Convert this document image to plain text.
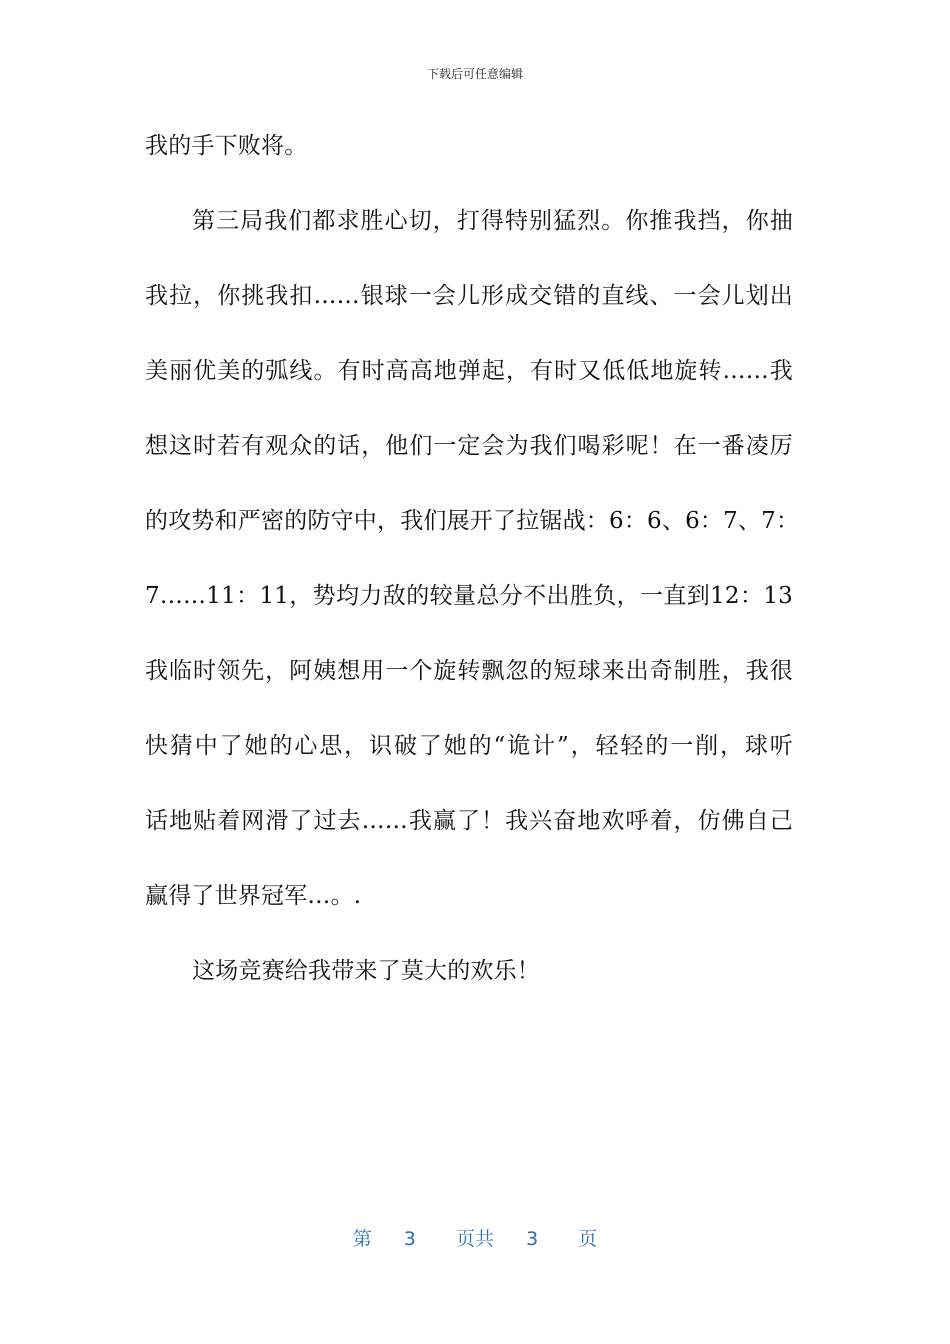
下载后可任意编辑
我的手下败将。
第三局我们都求胜心切，打得特别猛烈。你推我挡，你抽
我拉，你挑我扣……银球一会儿形成交错的直线、一会儿划出
美丽优美的弧线。有时高高地弹起，有时又低低地旋转……我
想这时若有观众的话，他们一定会为我们喝彩呢！在一番凌厉
的攻势和严密的防守中，我们展开了拉锯战：6：6、6：7、7：
7……11：11，势均力敌的较量总分不出胜负，一直到12：13
我临时领先，阿姨想用一个旋转飘忽的短球来出奇制胜，我很
快猜中了她的心思，识破了她的“诡计”，轻轻的一削，球听
话地贴着网滑了过去……我赢了！我兴奋地欢呼着，仿佛自己
赢得了世界冠军…。.
这场竞赛给我带来了莫大的欢乐！
第 3 页共 3 页
